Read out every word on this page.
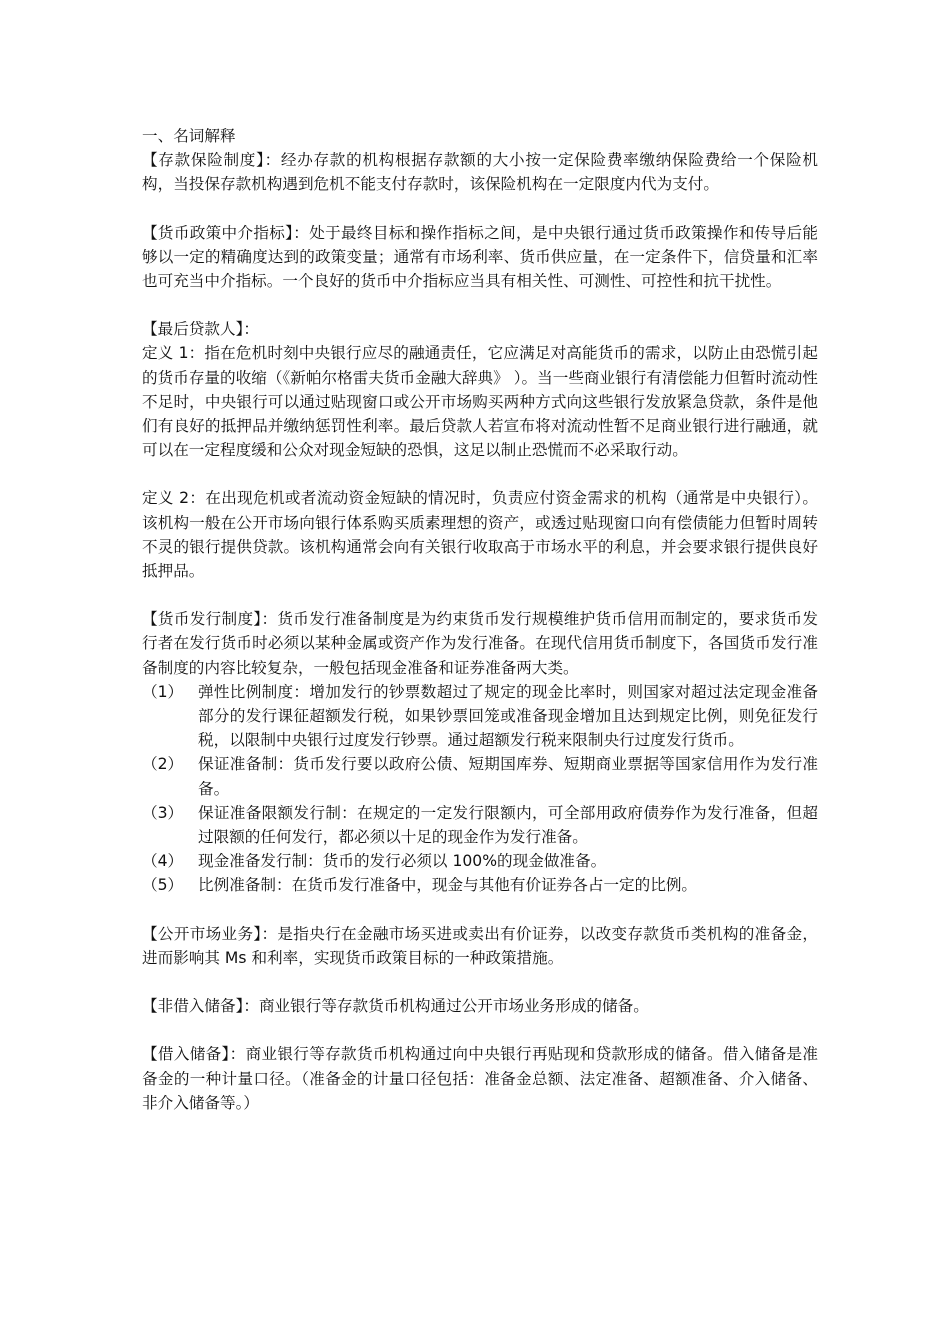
一、名词解释

【存款保险制度】：经办存款的机构根据存款额的大小按一定保险费率缴纳保险费给一个保险机构，当投保存款机构遇到危机不能支付存款时，该保险机构在一定限度内代为支付。

【货币政策中介指标】：处于最终目标和操作指标之间，是中央银行通过货币政策操作和传导后能够以一定的精确度达到的政策变量；通常有市场利率、货币供应量，在一定条件下，信贷量和汇率也可充当中介指标。一个良好的货币中介指标应当具有相关性、可测性、可控性和抗干扰性。

【最后贷款人】：

定义 1：指在危机时刻中央银行应尽的融通责任，它应满足对高能货币的需求，以防止由恐慌引起的货币存量的收缩（《新帕尔格雷夫货币金融大辞典》 ）。当一些商业银行有清偿能力但暂时流动性不足时，中央银行可以通过贴现窗口或公开市场购买两种方式向这些银行发放紧急贷款，条件是他们有良好的抵押品并缴纳惩罚性利率。最后贷款人若宣布将对流动性暂不足商业银行进行融通，就可以在一定程度缓和公众对现金短缺的恐惧，这足以制止恐慌而不必采取行动。

定义 2：在出现危机或者流动资金短缺的情况时，负责应付资金需求的机构（通常是中央银行）。该机构一般在公开市场向银行体系购买质素理想的资产，或透过贴现窗口向有偿债能力但暂时周转不灵的银行提供贷款。该机构通常会向有关银行收取高于市场水平的利息，并会要求银行提供良好抵押品。

【货币发行制度】：货币发行准备制度是为约束货币发行规模维护货币信用而制定的，要求货币发行者在发行货币时必须以某种金属或资产作为发行准备。在现代信用货币制度下，各国货币发行准备制度的内容比较复杂，一般包括现金准备和证券准备两大类。

（1） 弹性比例制度：增加发行的钞票数超过了规定的现金比率时，则国家对超过法定现金准备部分的发行课征超额发行税，如果钞票回笼或准备现金增加且达到规定比例，则免征发行税，以限制中央银行过度发行钞票。通过超额发行税来限制央行过度发行货币。
（2） 保证准备制：货币发行要以政府公债、短期国库券、短期商业票据等国家信用作为发行准备。
（3） 保证准备限额发行制：在规定的一定发行限额内，可全部用政府债券作为发行准备，但超过限额的任何发行，都必须以十足的现金作为发行准备。
（4） 现金准备发行制：货币的发行必须以 100%的现金做准备。
（5） 比例准备制：在货币发行准备中，现金与其他有价证券各占一定的比例。

【公开市场业务】：是指央行在金融市场买进或卖出有价证券，以改变存款货币类机构的准备金，进而影响其 Ms 和利率，实现货币政策目标的一种政策措施。

【非借入储备】：商业银行等存款货币机构通过公开市场业务形成的储备。

【借入储备】：商业银行等存款货币机构通过向中央银行再贴现和贷款形成的储备。借入储备是准备金的一种计量口径。（准备金的计量口径包括：准备金总额、法定准备、超额准备、介入储备、非介入储备等。）
